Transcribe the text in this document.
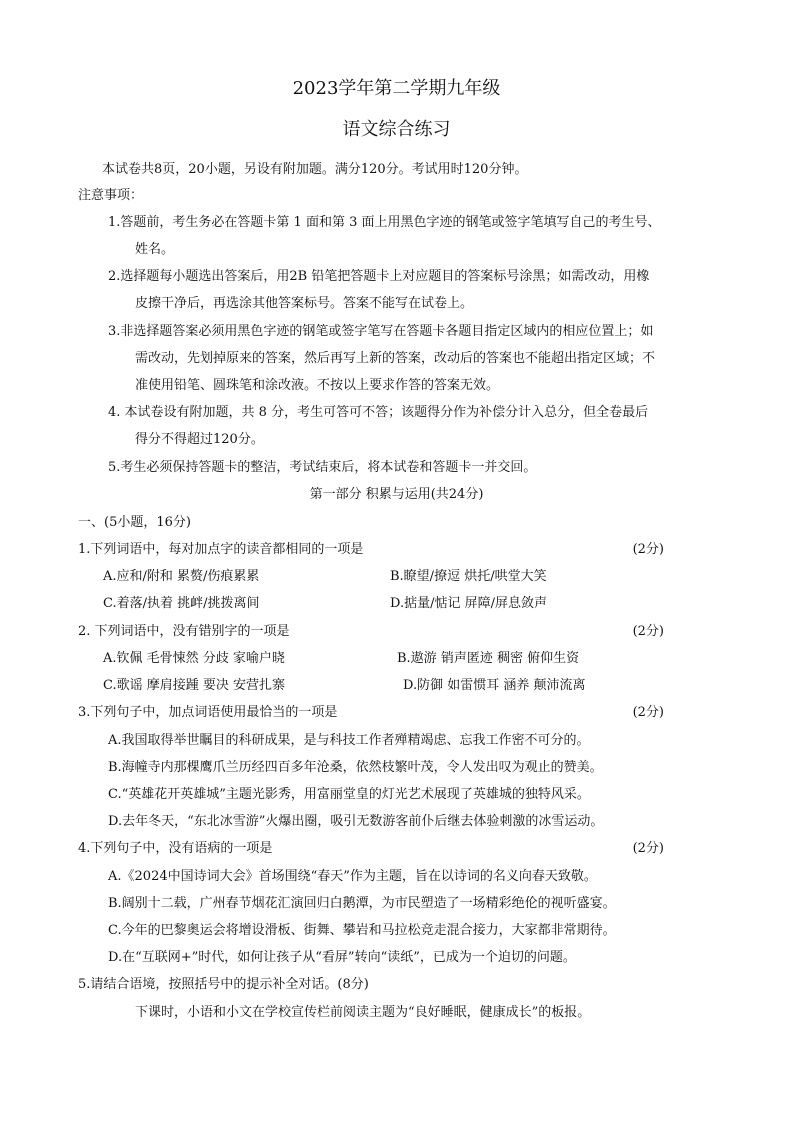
2023学年第二学期九年级
语文综合练习
本试卷共8页，20小题，另设有附加题。满分120分。考试用时120分钟。
注意事项：
1.答题前，考生务必在答题卡第 1 面和第 3 面上用黑色字迹的钢笔或签字笔填写自己的考生号、
姓名。
2.选择题每小题选出答案后，用2B 铅笔把答题卡上对应题目的答案标号涂黑；如需改动，用橡
皮擦干净后，再选涂其他答案标号。答案不能写在试卷上。
3.非选择题答案必须用黑色字迹的钢笔或签字笔写在答题卡各题目指定区域内的相应位置上；如
需改动，先划掉原来的答案，然后再写上新的答案，改动后的答案也不能超出指定区域；不
准使用铅笔、圆珠笔和涂改液。不按以上要求作答的答案无效。
4. 本试卷设有附加题，共 8 分，考生可答可不答；该题得分作为补偿分计入总分，但全卷最后
得分不得超过120分。
5.考生必须保持答题卡的整洁，考试结束后，将本试卷和答题卡一并交回。
第一部分 积累与运用(共24分)
一、(5小题，16分)
1.下列词语中，每对加点字的读音都相同的一项是	(2分)
A.应和/附和 累赘/伤痕累累	B.瞭望/撩逗 烘托/哄堂大笑
C.着落/执着 挑衅/挑拨离间	D.掂量/惦记 屏障/屏息敛声
2. 下列词语中，没有错别字的一项是	(2分)
A.钦佩 毛骨悚然 分歧 家喻户晓	B.遨游 销声匿迹 稠密 俯仰生资
C.歌谣 摩肩接踵 要决 安营扎寨	D.防御 如雷惯耳 涵养 颠沛流离
3.下列句子中，加点词语使用最恰当的一项是	(2分)
A.我国取得举世瞩目的科研成果，是与科技工作者殚精竭虑、忘我工作密不可分的。
B.海幢寺内那棵鹰爪兰历经四百多年沧桑，依然枝繁叶茂，令人发出叹为观止的赞美。
C.“英雄花开英雄城”主题光影秀，用富丽堂皇的灯光艺术展现了英雄城的独特风采。
D.去年冬天，“东北冰雪游”火爆出圈，吸引无数游客前仆后继去体验刺激的冰雪运动。
4.下列句子中，没有语病的一项是	(2分)
A.《2024中国诗词大会》首场围绕“春天”作为主题，旨在以诗词的名义向春天致敬。
B.阔别十二载，广州春节烟花汇演回归白鹅潭，为市民塑造了一场精彩绝伦的视听盛宴。
C.今年的巴黎奥运会将增设滑板、街舞、攀岩和马拉松竞走混合接力，大家都非常期待。
D.在“互联网+”时代，如何让孩子从“看屏”转向“读纸”，已成为一个迫切的问题。
5.请结合语境，按照括号中的提示补全对话。(8分)
下课时，小语和小文在学校宣传栏前阅读主题为“良好睡眠，健康成长”的板报。
